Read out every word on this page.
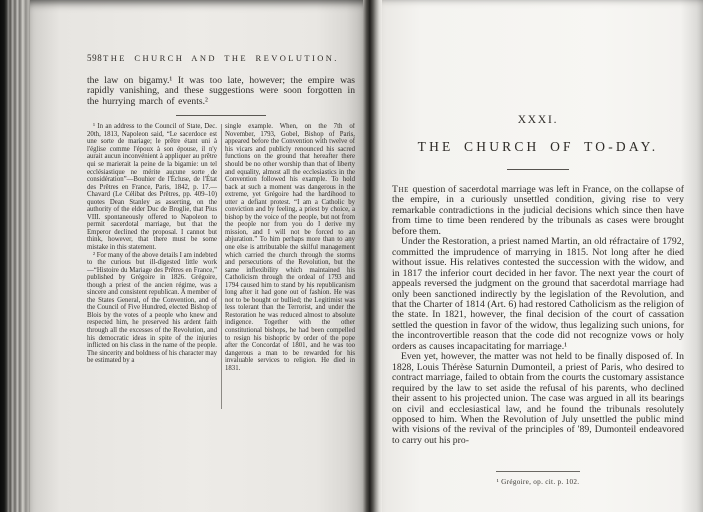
598 THE CHURCH AND THE REVOLUTION.
the law on bigamy.¹ It was too late, however; the empire was rapidly vanishing, and these suggestions were soon forgotten in the hurrying march of events.²

¹ In an address to the Council of State, Dec. 20th, 1813, Napoleon said, “Le sacerdoce est une sorte de mariage; le prêtre étant uni à l'église comme l'époux à son épouse, il n'y aurait aucun inconvénient à appliquer au prêtre qui se marierait la peine de la bigamie: un tel ecclésiastique ne mérite aucune sorte de considération”—Bouhier de l'Écluse, de l'État des Prêtres en France, Paris, 1842, p. 17.—Chavard (Le Célibat des Prêtres, pp. 409–10) quotes Dean Stanley as asserting, on the authority of the elder Duc de Broglie, that Pius VIII. spontaneously offered to Napoleon to permit sacerdotal marriage, but that the Emperor declined the proposal. I cannot but think, however, that there must be some mistake in this statement.

² For many of the above details I am indebted to the curious but ill-digested little work—“Histoire du Mariage des Prêtres en France,” published by Grégoire in 1826. Grégoire, though a priest of the ancien régime, was a sincere and consistent republican. A member of the States General, of the Convention, and of the Council of Five Hundred, elected Bishop of Blois by the votes of a people who knew and respected him, he preserved his ardent faith through all the excesses of the Revolution, and his democratic ideas in spite of the injuries inflicted on his class in the name of the people. The sincerity and boldness of his character may be estimated by a

single example. When, on the 7th of November, 1793, Gobel, Bishop of Paris, appeared before the Convention with twelve of his vicars and publicly renounced his sacred functions on the ground that hereafter there should be no other worship than that of liberty and equality, almost all the ecclesiastics in the Convention followed his example. To hold back at such a moment was dangerous in the extreme, yet Grégoire had the hardihood to utter a defiant protest. “I am a Catholic by conviction and by feeling, a priest by choice, a bishop by the voice of the people, but not from the people nor from you do I derive my mission, and I will not be forced to an abjuration.” To him perhaps more than to any one else is attributable the skilful management which carried the church through the storms and persecutions of the Revolution, but the same inflexibility which maintained his Catholicism through the ordeal of 1793 and 1794 caused him to stand by his republicanism long after it had gone out of fashion. He was not to be bought or bullied; the Legitimist was less tolerant than the Terrorist, and under the Restoration he was reduced almost to absolute indigence. Together with the other constitutional bishops, he had been compelled to resign his bishopric by order of the pope after the Concordat of 1801, and he was too dangerous a man to be rewarded for his invaluable services to religion. He died in 1831.

XXXI.
THE CHURCH OF TO-DAY.

The question of sacerdotal marriage was left in France, on the collapse of the empire, in a curiously unsettled condition, giving rise to very remarkable contradictions in the judicial decisions which since then have from time to time been rendered by the tribunals as cases were brought before them.

Under the Restoration, a priest named Martin, an old réfractaire of 1792, committed the imprudence of marrying in 1815. Not long after he died without issue. His relatives contested the succession with the widow, and in 1817 the inferior court decided in her favor. The next year the court of appeals reversed the judgment on the ground that sacerdotal marriage had only been sanctioned indirectly by the legislation of the Revolution, and that the Charter of 1814 (Art. 6) had restored Catholicism as the religion of the state. In 1821, however, the final decision of the court of cassation settled the question in favor of the widow, thus legalizing such unions, for the incontrovertible reason that the code did not recognize vows or holy orders as causes incapacitating for marriage.¹

Even yet, however, the matter was not held to be finally disposed of. In 1828, Louis Thérèse Saturnin Dumonteil, a priest of Paris, who desired to contract marriage, failed to obtain from the courts the customary assistance required by the law to set aside the refusal of his parents, who declined their assent to his projected union. The case was argued in all its bearings on civil and ecclesiastical law, and he found the tribunals resolutely opposed to him. When the Revolution of July unsettled the public mind with visions of the revival of the principles of '89, Dumonteil endeavored to carry out his pro-

¹ Grégoire, op. cit. p. 102.
